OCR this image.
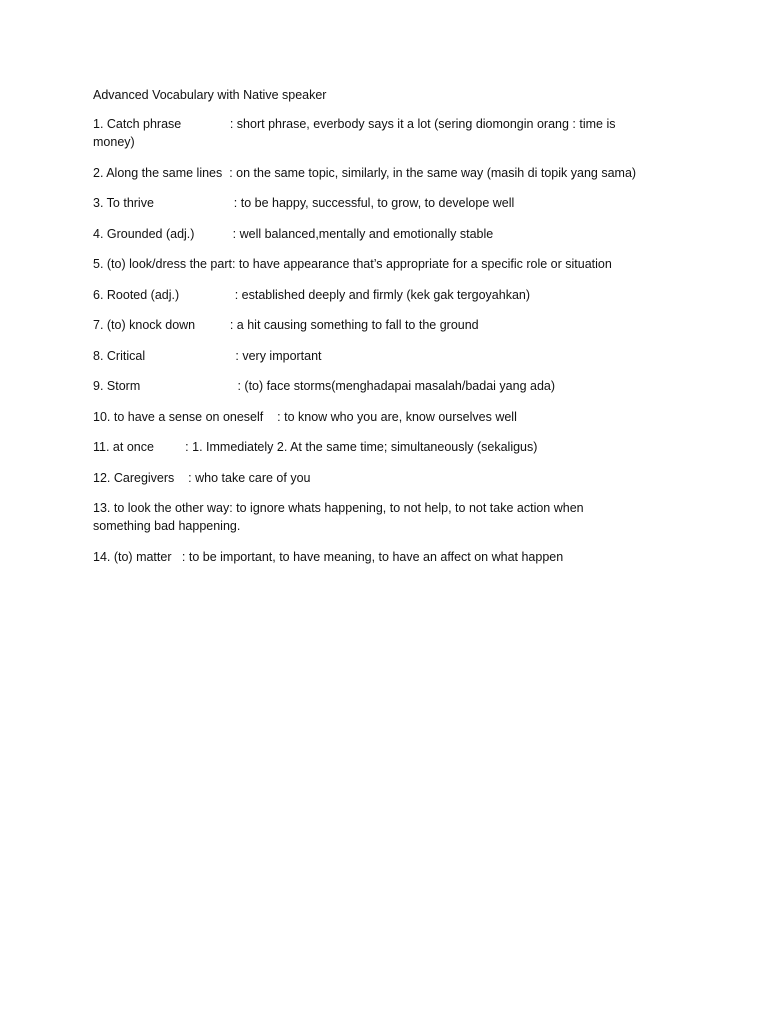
Advanced Vocabulary with Native speaker
1. Catch phrase              : short phrase, everbody says it a lot (sering diomongin orang : time is
money)
2. Along the same lines  : on the same topic, similarly, in the same way (masih di topik yang sama)
3. To thrive                       : to be happy, successful, to grow, to develope well
4. Grounded (adj.)           : well balanced,mentally and emotionally stable
5. (to) look/dress the part: to have appearance that’s appropriate for a specific role or situation
6. Rooted (adj.)                : established deeply and firmly (kek gak tergoyahkan)
7. (to) knock down          : a hit causing something to fall to the ground
8. Critical                          : very important
9. Storm                            : (to) face storms(menghadapai masalah/badai yang ada)
10. to have a sense on oneself    : to know who you are, know ourselves well
11. at once         : 1. Immediately 2. At the same time; simultaneously (sekaligus)
12. Caregivers    : who take care of you
13. to look the other way: to ignore whats happening, to not help, to not take action when
something bad happening.
14. (to) matter   : to be important, to have meaning, to have an affect on what happen
